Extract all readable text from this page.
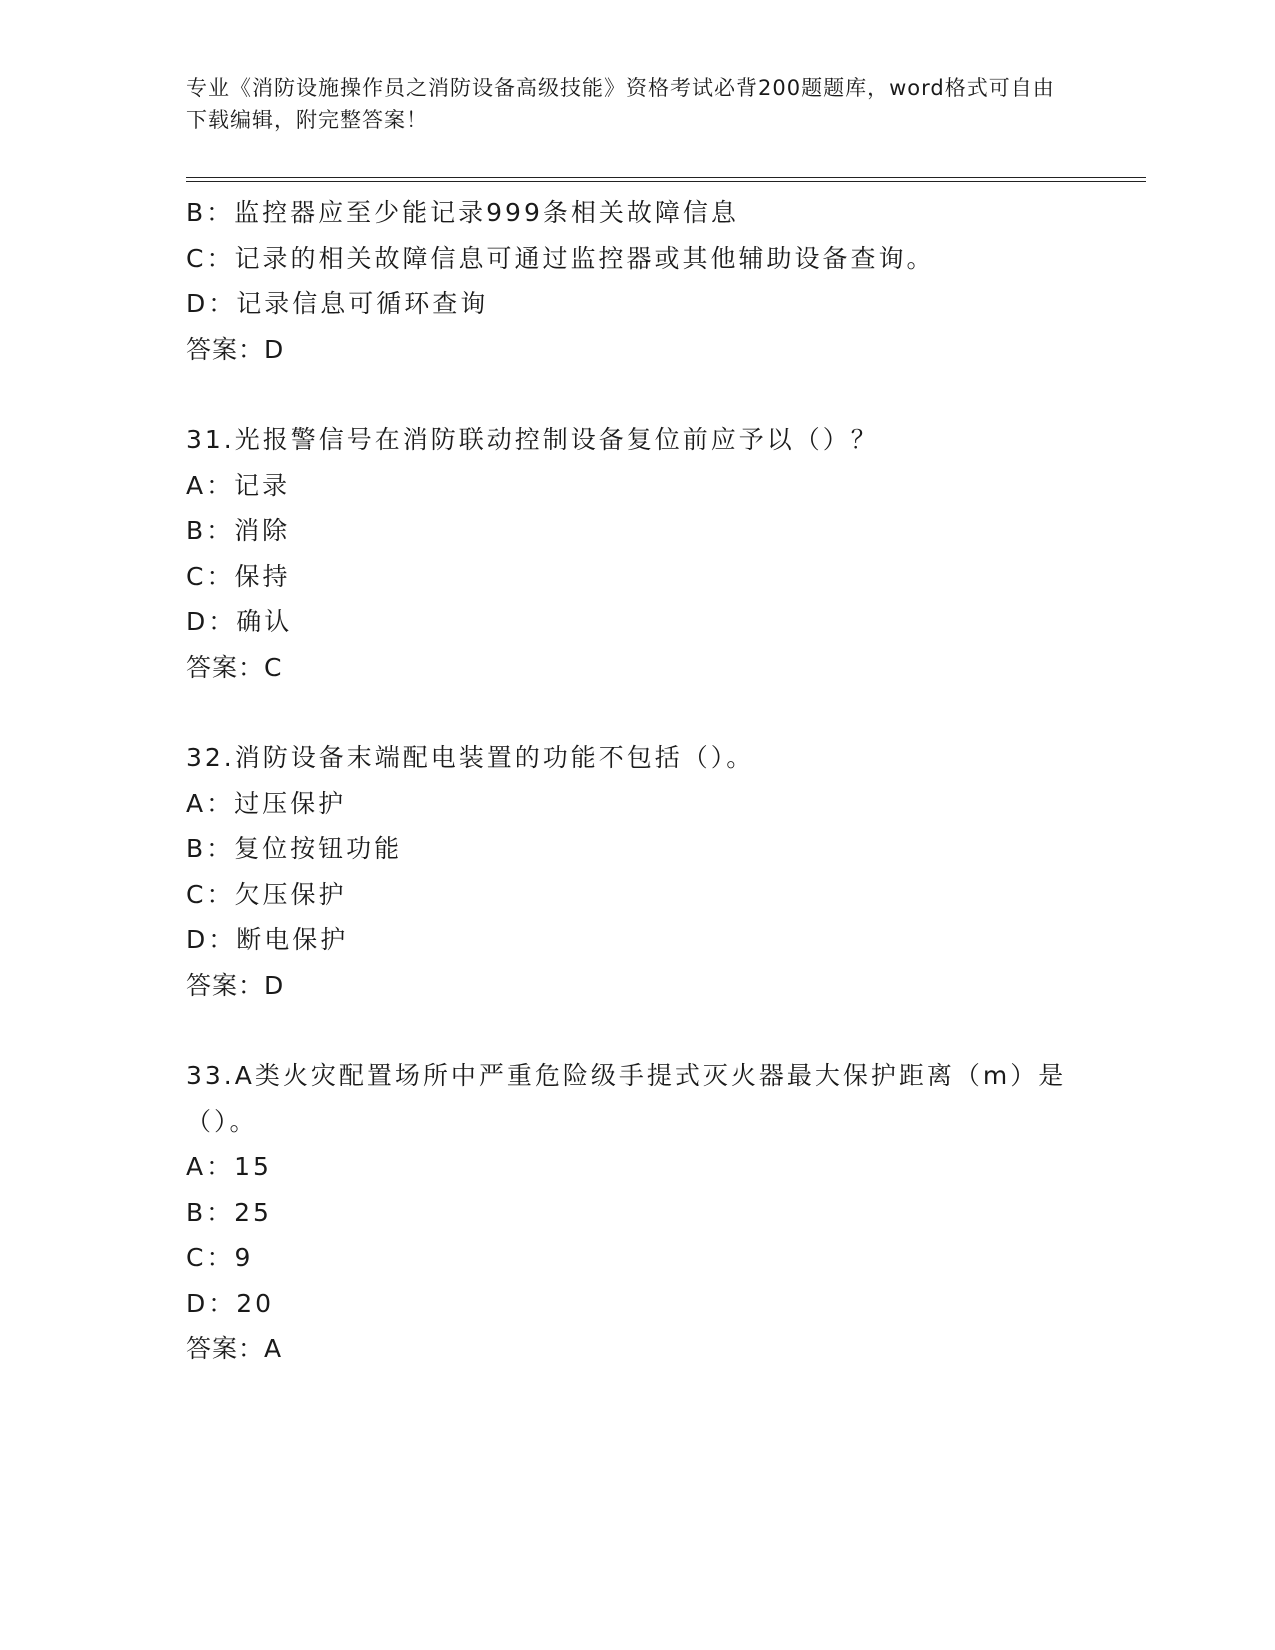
专业《消防设施操作员之消防设备高级技能》资格考试必背200题题库，word格式可自由下载编辑，附完整答案！
B：监控器应至少能记录999条相关故障信息
C：记录的相关故障信息可通过监控器或其他辅助设备查询。
D：记录信息可循环查询
答案：D
31.光报警信号在消防联动控制设备复位前应予以（）？
A：记录
B：消除
C：保持
D：确认
答案：C
32.消防设备末端配电装置的功能不包括（）。
A：过压保护
B：复位按钮功能
C：欠压保护
D：断电保护
答案：D
33.A类火灾配置场所中严重危险级手提式灭火器最大保护距离（m）是（）。
A：15
B：25
C：9
D：20
答案：A
